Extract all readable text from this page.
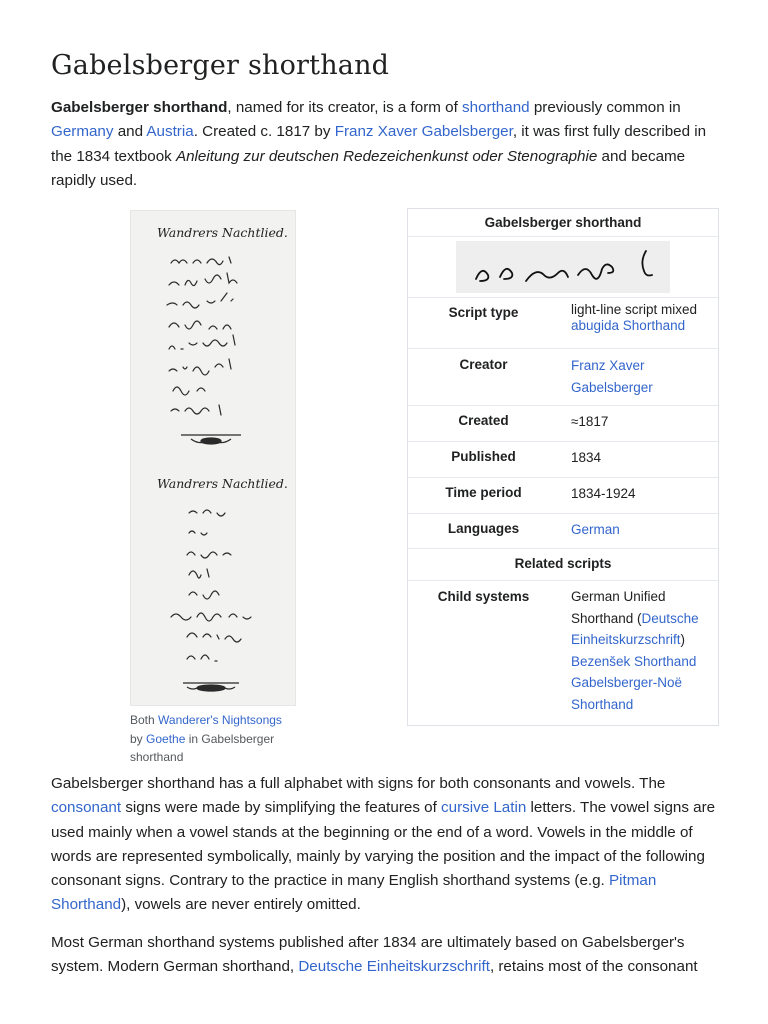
Gabelsberger shorthand

Gabelsberger shorthand, named for its creator, is a form of shorthand previously common in Germany and Austria. Created c. 1817 by Franz Xaver Gabelsberger, it was first fully described in the 1834 textbook Anleitung zur deutschen Redezeichenkunst oder Stenographie and became rapidly used.

Wandrers Nachtlied.
Wandrers Nachtlied.
Both Wanderer's Nightsongs
by Goethe in Gabelsberger shorthand
Gabelsberger shorthand
Script type	light-line script mixed
abugida Shorthand
Creator	Franz Xaver Gabelsberger
Created	≈1817
Published	1834
Time period	1834-1924
Languages	German
Related scripts
Child systems	German Unified Shorthand (Deutsche Einheitskurzschrift)
Bezenšek Shorthand
Gabelsberger-Noë Shorthand

Gabelsberger shorthand has a full alphabet with signs for both consonants and vowels. The consonant signs were made by simplifying the features of cursive Latin letters. The vowel signs are used mainly when a vowel stands at the beginning or the end of a word. Vowels in the middle of words are represented symbolically, mainly by varying the position and the impact of the following consonant signs. Contrary to the practice in many English shorthand systems (e.g. Pitman Shorthand), vowels are never entirely omitted.

Most German shorthand systems published after 1834 are ultimately based on Gabelsberger's system. Modern German shorthand, Deutsche Einheitskurzschrift, retains most of the consonant
